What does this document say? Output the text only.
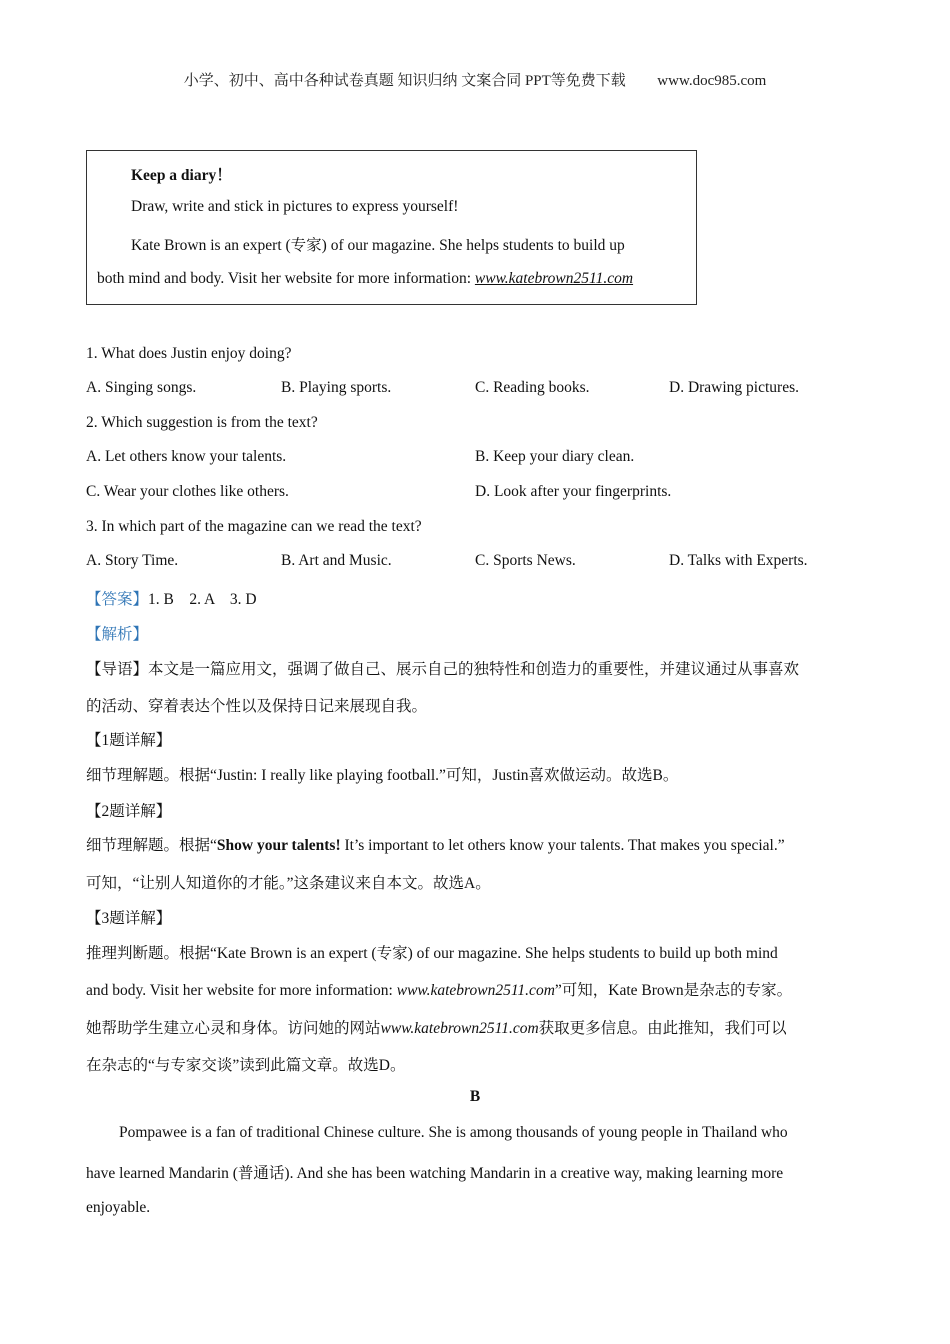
小学、初中、高中各种试卷真题 知识归纳 文案合同 PPT等免费下载 www.doc985.com
Keep a diary！
Draw, write and stick in pictures to express yourself!
Kate Brown is an expert (专家) of our magazine. She helps students to build up
both mind and body. Visit her website for more information: www.katebrown2511.com
1. What does Justin enjoy doing?
A. Singing songs.	B. Playing sports.	C. Reading books.	D. Drawing pictures.
2. Which suggestion is from the text?
A. Let others know your talents.	B. Keep your diary clean.
C. Wear your clothes like others.	D. Look after your fingerprints.
3. In which part of the magazine can we read the text?
A. Story Time.	B. Art and Music.	C. Sports News.	D. Talks with Experts.
【答案】1. B    2. A    3. D
【解析】
【导语】本文是一篇应用文，强调了做自己、展示自己的独特性和创造力的重要性，并建议通过从事喜欢
的活动、穿着表达个性以及保持日记来展现自我。
【1题详解】
细节理解题。根据“Justin: I really like playing football.”可知，Justin喜欢做运动。故选B。
【2题详解】
细节理解题。根据“Show your talents! It’s important to let others know your talents. That makes you special.”
可知，“让别人知道你的才能。”这条建议来自本文。故选A。
【3题详解】
推理判断题。根据“Kate Brown is an expert (专家) of our magazine. She helps students to build up both mind
and body. Visit her website for more information: www.katebrown2511.com”可知，Kate Brown是杂志的专家。
她帮助学生建立心灵和身体。访问她的网站www.katebrown2511.com获取更多信息。由此推知，我们可以
在杂志的“与专家交谈”读到此篇文章。故选D。
B
Pompawee is a fan of traditional Chinese culture. She is among thousands of young people in Thailand who
have learned Mandarin (普通话). And she has been watching Mandarin in a creative way, making learning more
enjoyable.
